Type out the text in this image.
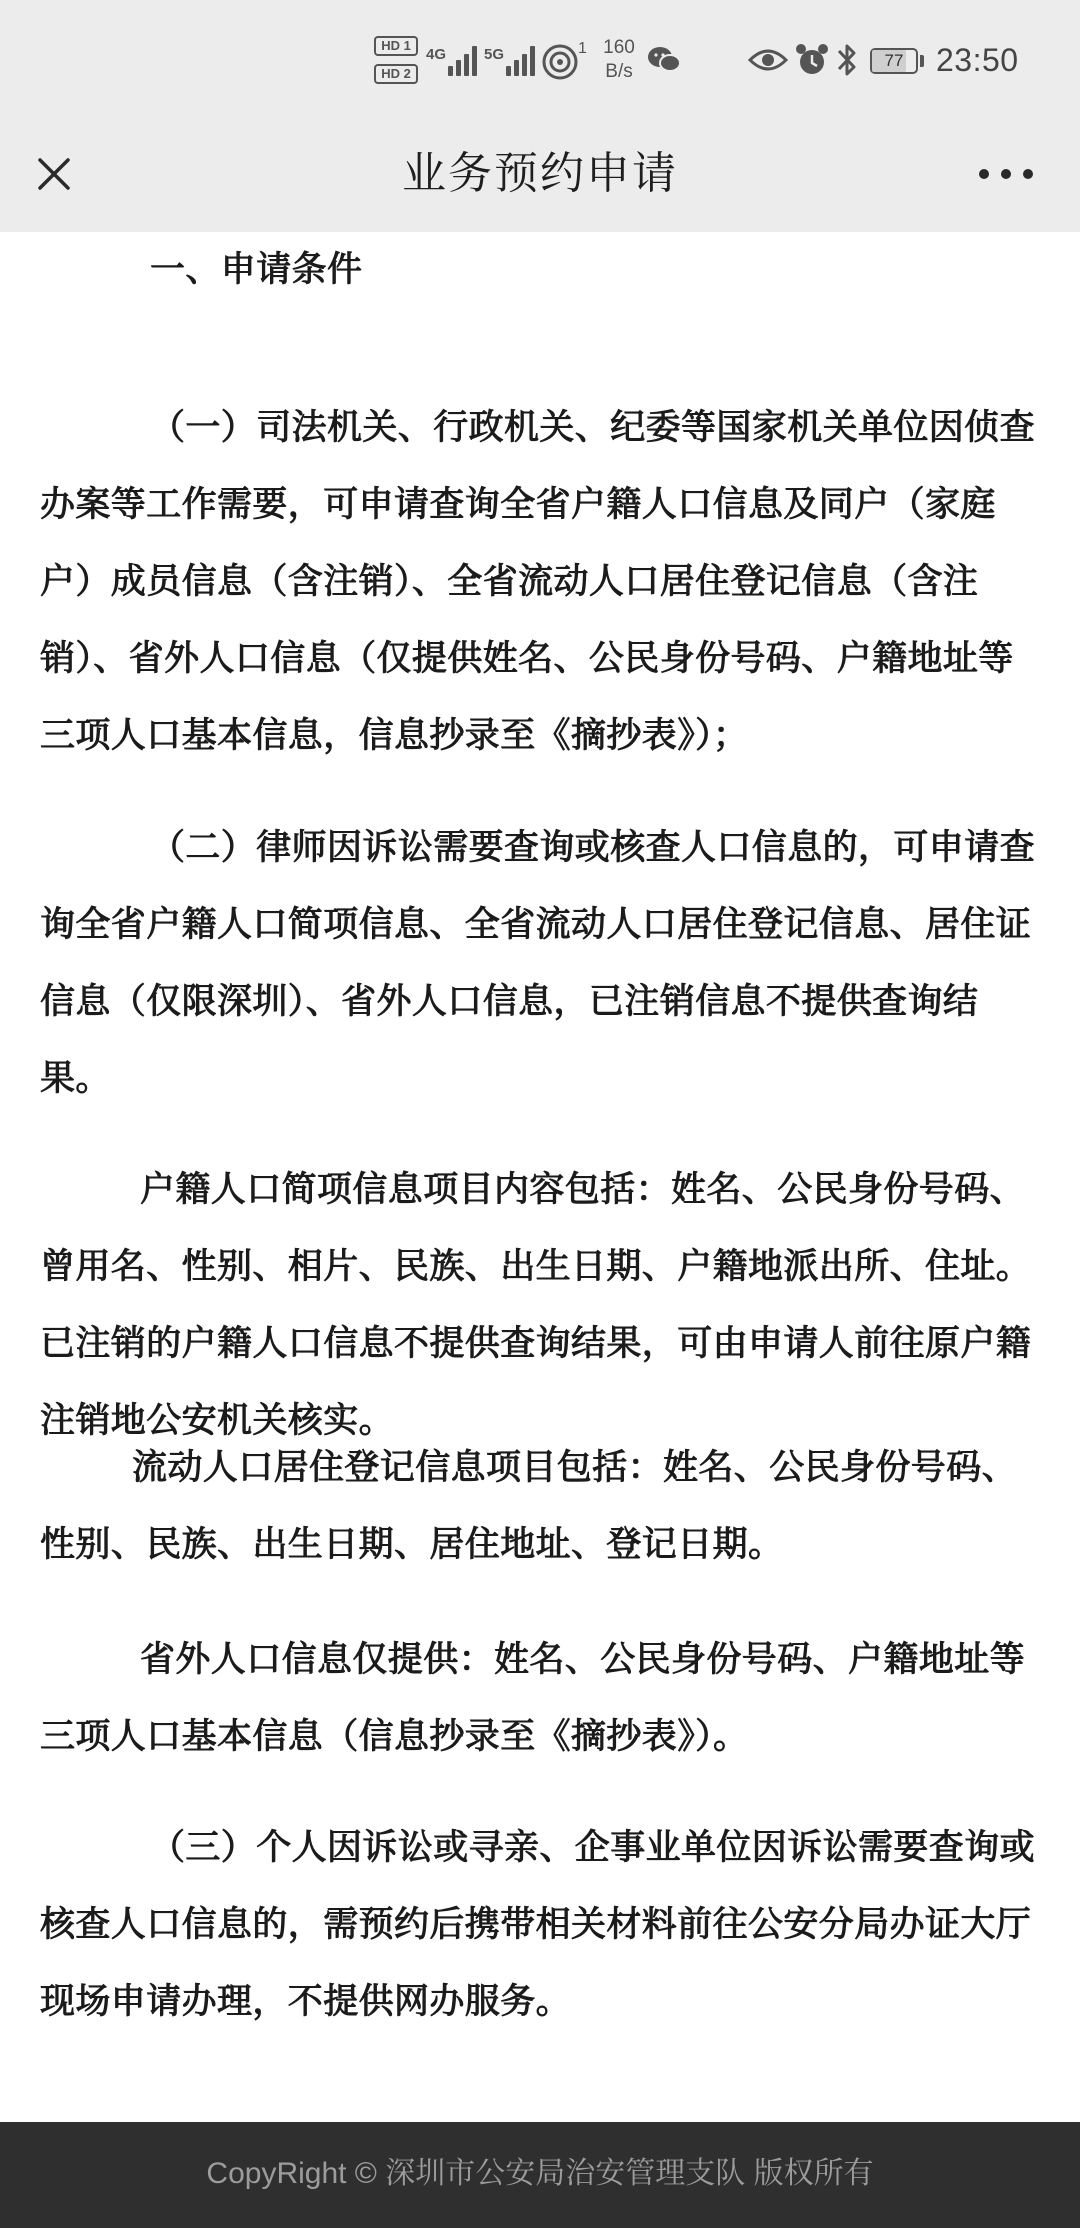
HD 1
HD 2
4G	5G	1 160
B/s
77	23:50
业务预约申请

一、申请条件

（一）司法机关、行政机关、纪委等国家机关单位因侦查办案等工作需要，可申请查询全省户籍人口信息及同户（家庭户）成员信息（含注销）、全省流动人口居住登记信息（含注销）、省外人口信息（仅提供姓名、公民身份号码、户籍地址等三项人口基本信息，信息抄录至《摘抄表》）；

（二）律师因诉讼需要查询或核查人口信息的，可申请查询全省户籍人口简项信息、全省流动人口居住登记信息、居住证信息（仅限深圳）、省外人口信息，已注销信息不提供查询结果。

户籍人口简项信息项目内容包括：姓名、公民身份号码、曾用名、性别、相片、民族、出生日期、户籍地派出所、住址。已注销的户籍人口信息不提供查询结果，可由申请人前往原户籍注销地公安机关核实。

流动人口居住登记信息项目包括：姓名、公民身份号码、性别、民族、出生日期、居住地址、登记日期。

省外人口信息仅提供：姓名、公民身份号码、户籍地址等三项人口基本信息（信息抄录至《摘抄表》）。

（三）个人因诉讼或寻亲、企事业单位因诉讼需要查询或核查人口信息的，需预约后携带相关材料前往公安分局办证大厅现场申请办理，不提供网办服务。

CopyRight © 深圳市公安局治安管理支队 版权所有
